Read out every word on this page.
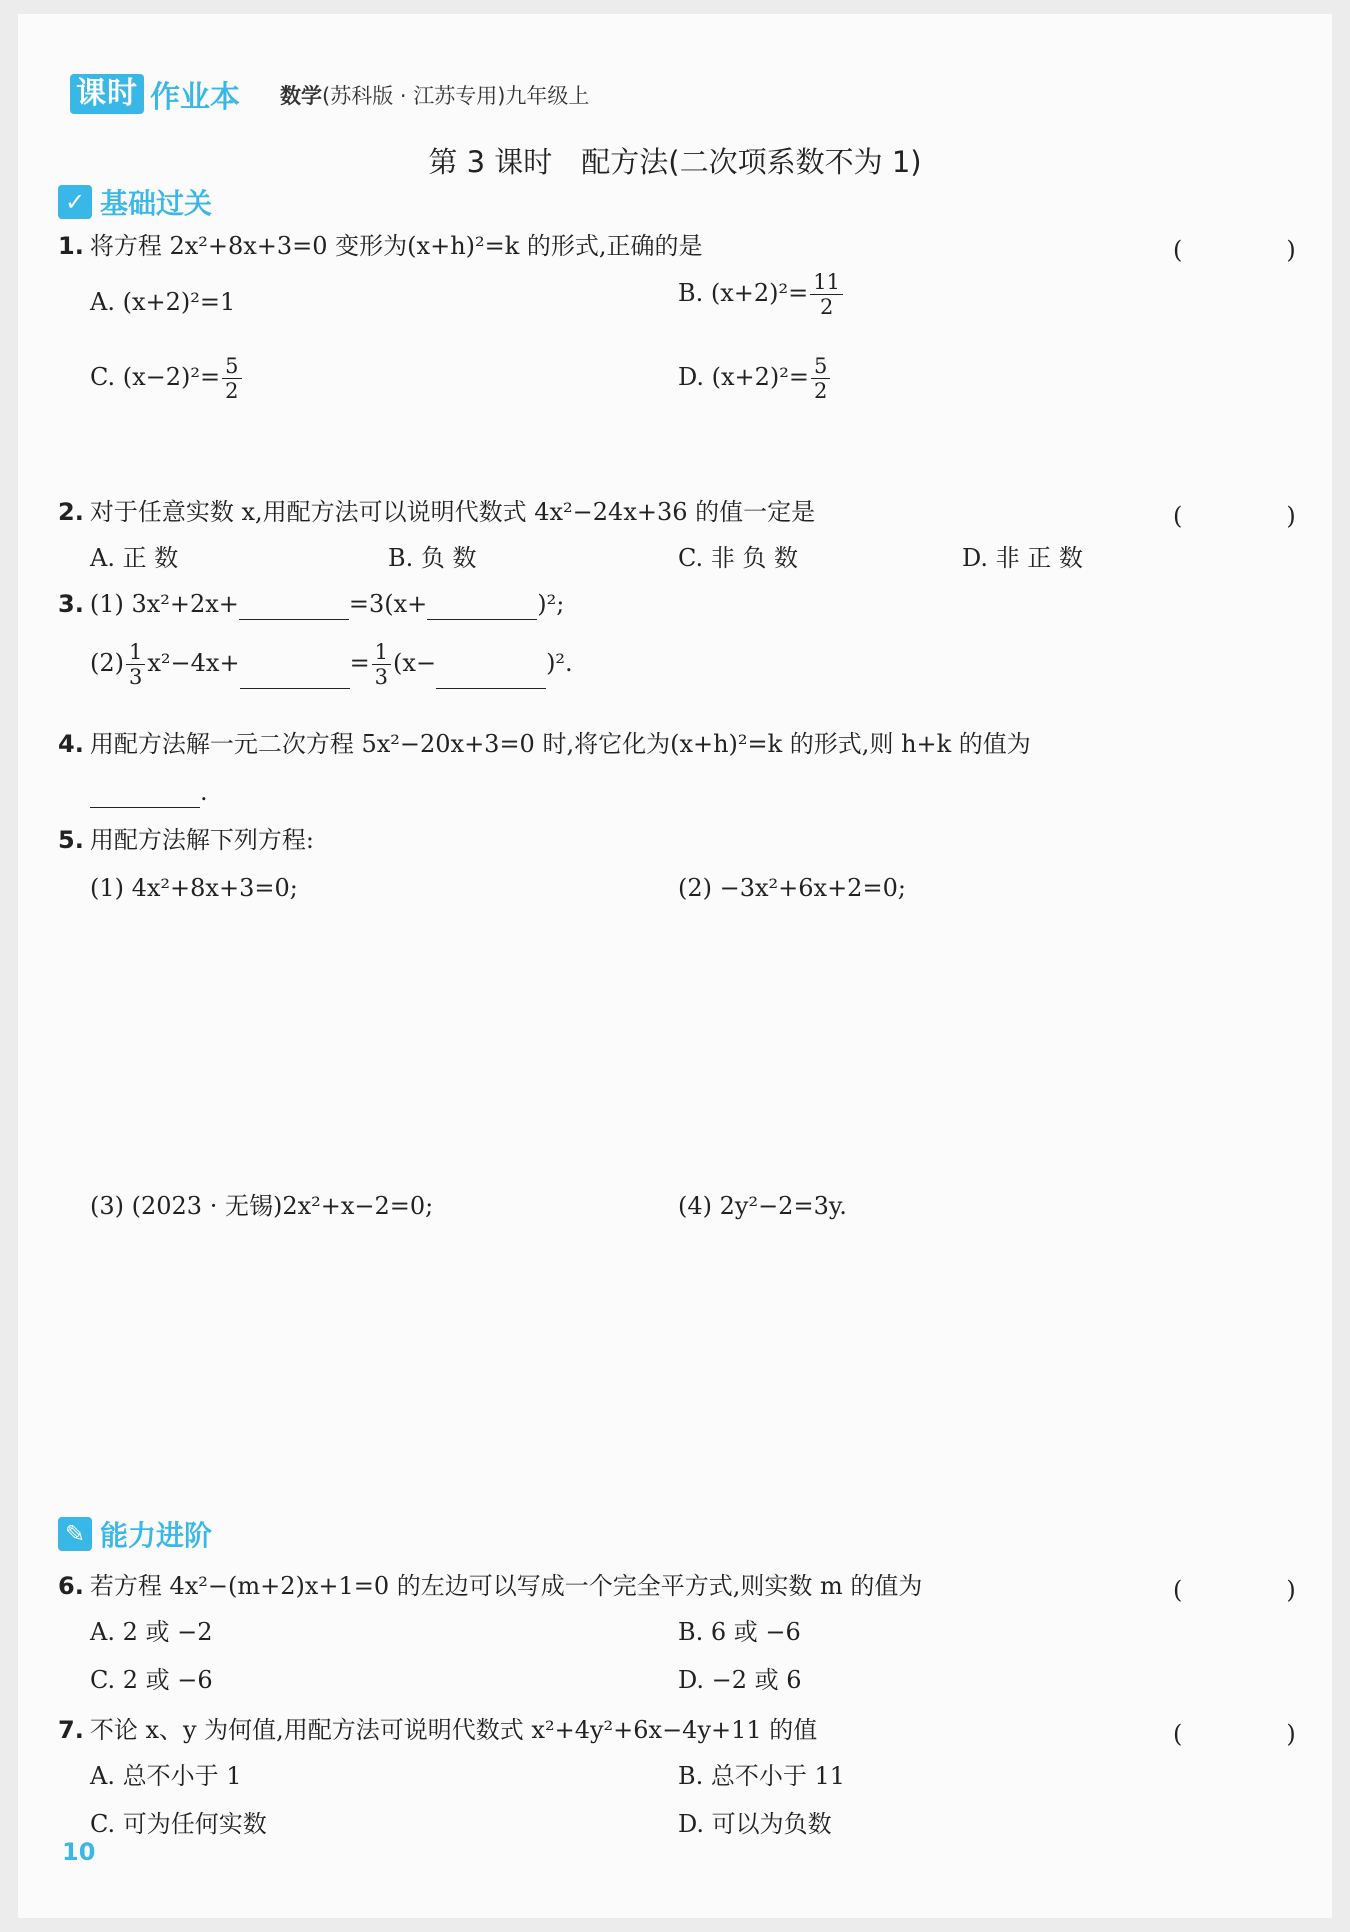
课时 作业本 数学(苏科版 · 江苏专用)九年级上
第 3 课时　配方法(二次项系数不为 1)
✓ 基础过关
1. 将方程 2x²+8x+3=0 变形为(x+h)²=k 的形式,正确的是	(　)
A. (x+2)²=1	B. $(x+2)^2= \frac{11}{2}$
C. $(x-2)^2= \frac{5}{2}$	D. $(x+2)^2= \frac{5}{2}$
2. 对于任意实数 x,用配方法可以说明代数式 4x²−24x+36 的值一定是	(　)
A. 正 数	B. 负 数	C. 非 负 数	D. 非 正 数
3. (1) 3x²+2x+	=3(x+	)²;
$(2) \frac{1}{3} x^2-4x+$	= $\frac{1}{3} (x-$	)².
4. 用配方法解一元二次方程 5x²−20x+3=0 时,将它化为(x+h)²=k 的形式,则 h+k 的值为
.
5. 用配方法解下列方程:
(1) 4x²+8x+3=0;	(2) −3x²+6x+2=0;
(3) (2023 · 无锡)2x²+x−2=0;	(4) 2y²−2=3y.
✎ 能力进阶
6. 若方程 4x²−(m+2)x+1=0 的左边可以写成一个完全平方式,则实数 m 的值为	(　)
A. 2 或 −2	B. 6 或 −6
C. 2 或 −6	D. −2 或 6
7. 不论 x、y 为何值,用配方法可说明代数式 x²+4y²+6x−4y+11 的值	(　)
A. 总不小于 1	B. 总不小于 11
C. 可为任何实数	D. 可以为负数
10
